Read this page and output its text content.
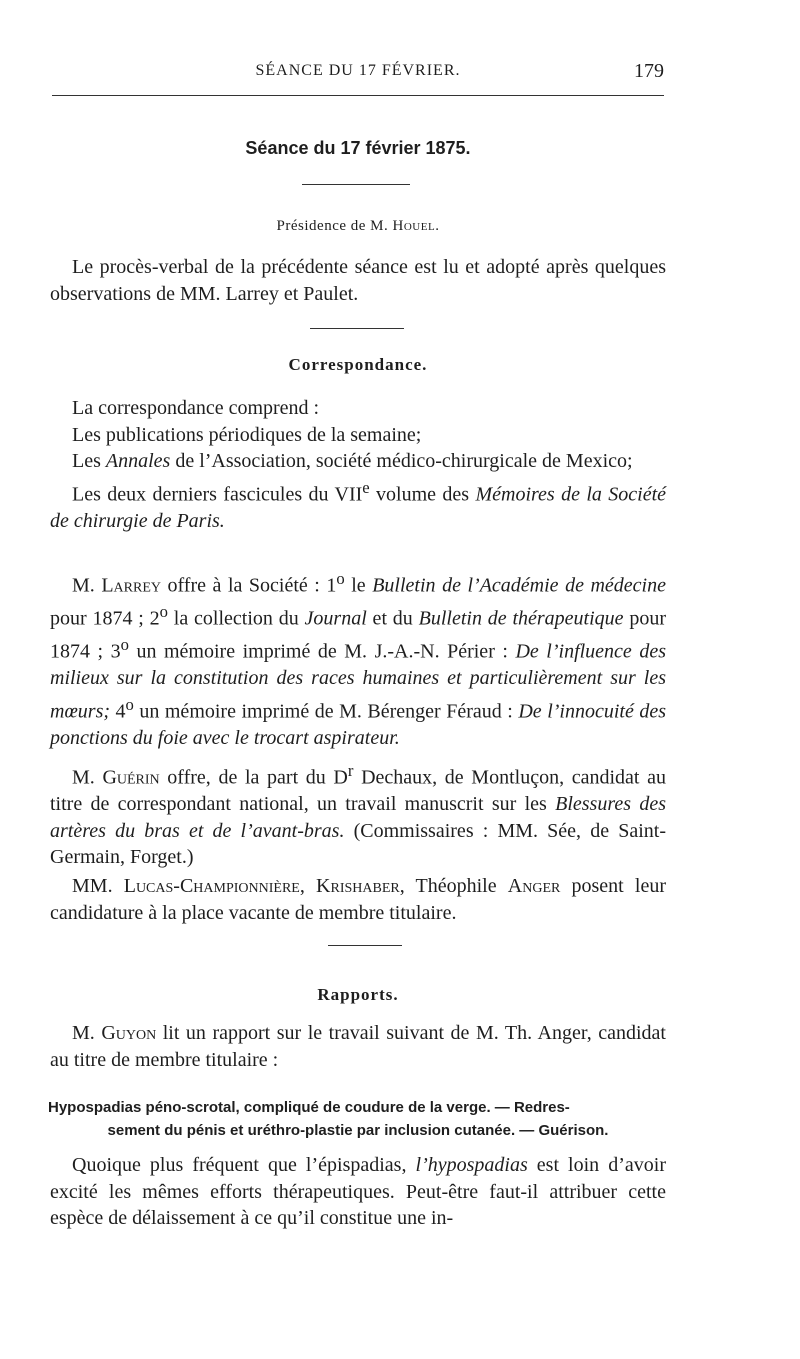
SÉANCE DU 17 FÉVRIER.	179
Séance du 17 février 1875.
Présidence de M. Houel.

Le procès-verbal de la précédente séance est lu et adopté après quelques observations de MM. Larrey et Paulet.

Correspondance.

La correspondance comprend :

Les publications périodiques de la semaine;

Les Annales de l’Association, société médico-chirurgicale de Mexico;

Les deux derniers fascicules du VIIe volume des Mémoires de la Société de chirurgie de Paris.

M. Larrey offre à la Société : 1$^o$ le Bulletin de l’Académie de médecine pour 1874 ; 2$^o$ la collection du Journal et du Bulletin de thérapeutique pour 1874 ; 3$^o$ un mémoire imprimé de M. J.-A.-N. Périer : De l’influence des milieux sur la constitution des races humaines et particulièrement sur les mœurs; 4$^o$ un mémoire imprimé de M. Bérenger Féraud : De l’innocuité des ponctions du foie avec le trocart aspirateur.

M. Guérin offre, de la part du $D^r$ Dechaux, de Montluçon, candidat au titre de correspondant national, un travail manuscrit sur les Blessures des artères du bras et de l’avant-bras. (Commissaires : MM. Sée, de Saint-Germain, Forget.)

MM. Lucas-Championnière, Krishaber, Théophile Anger posent leur candidature à la place vacante de membre titulaire.

Rapports.

M. Guyon lit un rapport sur le travail suivant de M. Th. Anger, candidat au titre de membre titulaire :

Hypospadias péno-scrotal, compliqué de coudure de la verge. — Redres-

sement du pénis et uréthro-plastie par inclusion cutanée. — Guérison.

Quoique plus fréquent que l’épispadias, l’hypospadias est loin d’avoir excité les mêmes efforts thérapeutiques. Peut-être faut-il attribuer cette espèce de délaissement à ce qu’il constitue une in-
